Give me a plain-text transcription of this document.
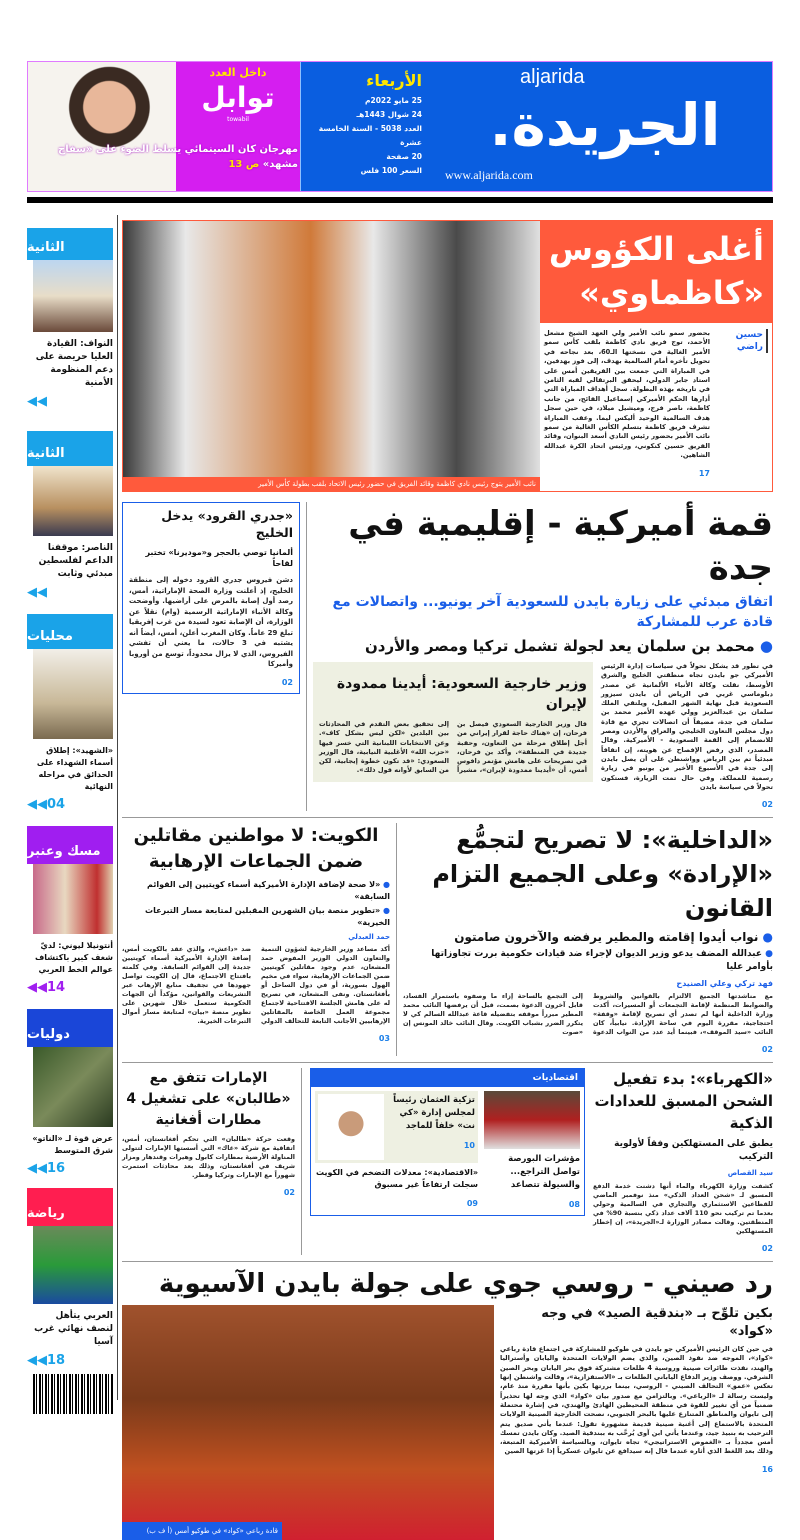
aljarida
الجريدة.
www.aljarida.com
الأربعاء
25 مايو 2022م
24 شوال 1443هـ
العدد 5038 - السنة الخامسة عشرة
20 صفحة
السعر 100 فلس
داخل العدد
توابل
towabil
مهرجان كان السينمائي يسلط الضوء على «سفاح مشهد» ص 13
الثانية
النواف: القيادة العليا حريصة على دعم المنظومة الأمنية
◀◀
الثانية
الناصر: موقفنا الداعم لفلسطين مبدئي وثابت
◀◀
محليات
«الشهيد»: إطلاق أسماء الشهداء على الحدائق في مراحله النهائية
◀◀04
مسك وعنبر
أنتونيلا ليوني: لديّ شغف كبير باكتشاف عوالم الخط العربي
◀◀14
دوليات
عرض قوة لـ «الناتو» شرق المتوسط
◀◀16
رياضة
العربي يتأهل لنصف نهائي غرب آسيا
◀◀18
أغلى الكؤوس «كاظماوي»
حسين راضي
بحضور سمو نائب الأمير ولي العهد الشيخ مشعل الأحمد، توج فريق نادي كاظمة بلقب كأس سمو الأمير الغالية في نسختها الـ60، بعد نجاحه في تحويل تأخره أمام السالمية بهدف، إلى فوز بهدفين، في المباراة التي جمعت بين الفريقين أمس على استاد جابر الدولي، ليحقق البرتقالي لقبه الثامن في تاريخه بهذه البطولة. سجل أهداف المباراة التي أدارها الحكم الأميركي إسماعيل الفائح، من جانب كاظمة، ناصر فرج، وميشيل ميلاد، في حين سجل هدف السالمية الوحيد أليكس ليما. وعقب المباراة تشرف فريق كاظمة بتسلم الكأس الغالية من سمو نائب الأمير بحضور رئيس النادي أسعد البنوان، وقائد الفريق حسين كنكوني، ورئيس اتحاد الكرة عبدالله الشاهين.
17
نائب الأمير يتوج رئيس نادي كاظمة وقائد الفريق في حضور رئيس الاتحاد بلقب بطولة كأس الأمير
قمة أميركية - إقليمية في جدة
اتفاق مبدئي على زيارة بايدن للسعودية آخر يونيو... واتصالات مع قادة عرب للمشاركة
● محمد بن سلمان يعد لجولة تشمل تركيا ومصر والأردن
في تطور قد يشكل تحولاً في سياسات إدارة الرئيس الأميركي جو بايدن تجاه منطقتي الخليج والشرق الأوسط، نقلت وكالة الأنباء الألمانية عن مصدر دبلوماسي غربي في الرياض أن بايدن سيزور السعودية قبل نهاية الشهر المقبل، ويلتقي الملك سلمان بن عبدالعزيز وولي عهده الأمير محمد بن سلمان في جدة، مضيفاً أن اتصالات تجري مع قادة دول مجلس التعاون الخليجي والعراق والأردن ومصر للانضمام إلى القمة السعودية - الأميركية. وقال المصدر، الذي رفض الإفصاح عن هويته، إن اتفاقاً مبدئياً تم بين الرياض وواشنطن على أن يصل بايدن إلى جدة في الأسبوع الأخير من يونيو في زيارة رسمية للمملكة. وفي حال تمت الزيارة، فستكون تحولاً في سياسة بايدن
02
وزير خارجية السعودية: أيدينا ممدودة لإيران
قال وزير الخارجية السعودي فيصل بن فرحان، إن «هناك حاجة لقرار إيراني من أجل إطلاق مرحلة من التعاون، وحقبة جديدة في المنطقة». وأكد بن فرحان، في تصريحات على هامش مؤتمر دافوس أمس، أن «أيدينا ممدودة لإيران»، مشيراً إلى تحقيق بعض التقدم في المحادثات بين البلدين «لكن ليس بشكل كاف». وعن الانتخابات اللبنانية التي خسر فيها «حزب الله» الأغلبية النيابية، قال الوزير السعودي: «قد تكون خطوة إيجابية، لكن من السابق لأوانه قول ذلك».
«جدري القرود» يدخل الخليج
ألمانيا توصي بالحجر و«موديرنا» تختبر لقاحاً
دشن فيروس جدري القرود دخوله إلى منطقة الخليج، إذ أعلنت وزارة الصحة الإماراتية، أمس، رصد أول إصابة بالمرض على أراضيها. وأوضحت وكالة الأنباء الإماراتية الرسمية (وام) نقلاً عن الوزارة، أن الإصابة تعود لسيدة من غرب إفريقيا تبلغ 29 عاماً. وكان المغرب أعلن، أمس، أيضاً أنه يشتبه في 3 حالات، ما يعني أن تفشي الفيروس، الذي لا يزال محدوداً، توسع من أوروبا وأميركا
02
«الداخلية»: لا تصريح لتجمُّع «الإرادة» وعلى الجميع التزام القانون
● نواب أيدوا إقامته والمطير يرفضه والآخرون صامتون
● عبدالله المضف يدعو وزير الديوان لإجراء ضد قيادات حكومية بررت تجاوزاتها بأوامر عليا
فهد تركي وعلي الصنيدح
مع مناشدتها الجميع الالتزام بالقوانين والشروط والضوابط المنظمة لإقامة التجمعات أو المسيرات، أكدت وزارة الداخلية أنها لم تصدر أي تصريح لإقامة «وقفة» احتجاجية، مقررة اليوم في ساحة الإرادة. نيابياً، كان النائب «سيد الموقف»، فبينما أيد عدد من النواب الدعوة إلى التجمع بالساحة إزاء ما وصفوه باستمرار الفساد، قابل آخرون الدعوة بصمت، قبل أن يرفضها النائب محمد المطير مبرراً موقفه بتفضيله قاعة عبدالله السالم كي لا يتكرر الضرر بشباب الكويت. وقال النائب خالد المونس إن «صوت
02
الكويت: لا مواطنين مقاتلين ضمن الجماعات الإرهابية
● «لا صحة لإضافة الإدارة الأميركية أسماء كويتيين إلى القوائم السابقة»
● «تطوير منصة بيان الشهرين المقبلين لمتابعة مسار التبرعات الخيرية»
حمد العبدلي
أكد مساعد وزير الخارجية لشؤون التنمية والتعاون الدولي الوزير المفوض حمد المشعان، عدم وجود مقاتلين كويتيين ضمن الجماعات الإرهابية، سواء في مخيم الهول بسورية، أو في دول الساحل أو بأفغانستان. ونفى المشعان، في تصريح له على هامش الجلسة الافتتاحية لاجتماع مجموعة العمل الخاصة بالمقاتلين الإرهابيين الأجانب التابعة للتحالف الدولي ضد «داعش»، والذي عقد بالكويت أمس، إضافة الإدارة الأميركية أسماء كويتيين جديدة إلى القوائم السابقة. وفي كلمته بافتتاح الاجتماع، قال إن الكويت تواصل جهودها في تجفيف منابع الإرهاب عبر التشريعات والقوانين، مؤكداً أن الجهات الحكومية ستعمل خلال شهرين على تطوير منصة «بيان» لمتابعة مسار أموال التبرعات الخيرية.
03
«الكهرباء»: بدء تفعيل الشحن المسبق للعدادات الذكية
يطبق على المستهلكين وفقاً لأولوية التركيب
سيد القصاص
كشفت وزارة الكهرباء والماء أنها دشنت خدمة الدفع المسبق لـ «شحن العداد الذكي» منذ نوفمبر الماضي للقطاعين الاستثماري والتجاري في السالمية وحولي بعدما تم تركيب نحو 110 آلاف عداد ذكي بنسبة 90% في المنطقتين. وقالت مصادر الوزارة لـ«الجريدة»، إن إخطار المستهلكين
02
اقتصاديات
مؤشرات البورصة تواصل التراجع... والسيولة تتصاعد
08
تزكية العثمان رئيساً لمجلس إدارة «كي نت» خلفاً للماجد
10
«الاقتصادية»: معدلات التضخم في الكويت سجلت ارتفاعاً غير مسبوق
09
الإمارات تتفق مع «طالبان» على تشغيل 4 مطارات أفغانية
وقعت حركة «طالبان» التي تحكم أفغانستان، أمس، اتفاقية مع شركة «غاك» التي أسستها الإمارات لتتولى المناولة الأرضية بمطارات كابول وهيرات وقندهار ومزار شريف في أفغانستان، وذلك بعد محادثات استمرت شهوراً مع الإمارات وتركيا وقطر.
02
رد صيني - روسي جوي على جولة بايدن الآسيوية
بكين تلوِّح بـ «بندقية الصيد» في وجه «كواد»
في حين كان الرئيس الأميركي جو بايدن في طوكيو للمشاركة في اجتماع قادة رباعي «كواد»، الموجه ضد نفوذ الصين، والذي يضم الولايات المتحدة واليابان وأستراليا والهند، نفذت طائرات صينية وروسية 4 طلعات مشتركة فوق بحر اليابان وبحر الصين الشرقي. ووصف وزير الدفاع الياباني الطلعات بـ «الاستفزازية»، وقالت واشنطن إنها تعكس «عمق» التحالف الصيني - الروسي، بينما بررتها بكين بأنها مقررة منذ عام، وليست رسالة لـ «الرباعي». وبالتزامن مع صدور بيان «كواد» الذي وجه لها تحذيراً ضمنياً من أي تغيير للقوة في منطقة المحيطين الهادئ والهندي، في إشارة محتملة إلى تايوان والمناطق المتنازع عليها بالبحر الجنوبي، نصحت الخارجية الصينية الولايات المتحدة بالاستماع إلى أغنية صينية قديمة مشهورة تقول: عندما يأتي صديق يتم الترحيب به بنبيذ جيد، وعندما يأتي ابن آوى يُرحَّب به ببندقية الصيد. وكان بايدن تمسك أمس مجدداً بـ «الغموض الاستراتيجي» تجاه تايوان، وبالسياسة الأميركية المتبعة، وذلك بعد اللغط الذي أثاره عندما قال إنه سيدافع عن تايوان عسكرياً إذا غزتها الصين
16
قادة رباعي «كواد» في طوكيو أمس (أ ف ب)
